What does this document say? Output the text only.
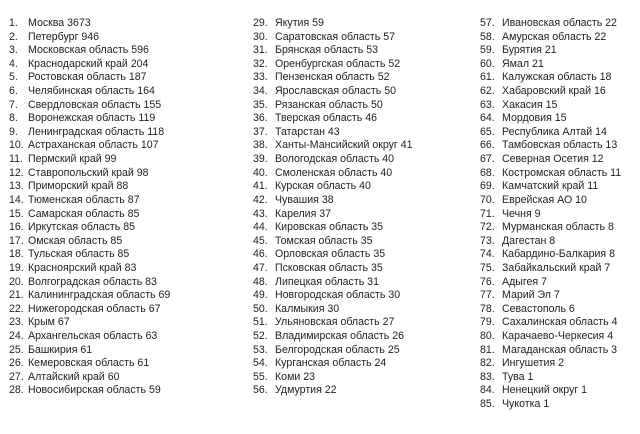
1. Москва 3673
2. Петербург 946
3. Московская область 596
4. Краснодарский край 204
5. Ростовская область 187
6. Челябинская область 164
7. Свердловская область 155
8. Воронежская область 119
9. Ленинградская область 118
10. Астраханская область 107
11. Пермский край 99
12. Ставропольский край 98
13. Приморский край 88
14. Тюменская область 87
15. Самарская область 85
16. Иркутская область 85
17. Омская область 85
18. Тульская область 85
19. Красноярский край 83
20. Волгоградская область 83
21. Калининградская область 69
22. Нижегородская область 67
23. Крым 67
24. Архангельская область 63
25. Башкирия 61
26. Кемеровская область 61
27. Алтайский край 60
28. Новосибирская область 59
29. Якутия 59
30. Саратовская область 57
31. Брянская область 53
32. Оренбургская область 52
33. Пензенская область 52
34. Ярославская область 50
35. Рязанская область 50
36. Тверская область 46
37. Татарстан 43
38. Ханты-Мансийский округ 41
39. Вологодская область 40
40. Смоленская область 40
41. Курская область 40
42. Чувашия 38
43. Карелия 37
44. Кировская область 35
45. Томская область 35
46. Орловская область 35
47. Псковская область 35
48. Липецкая область 31
49. Новгородская область 30
50. Калмыкия 30
51. Ульяновская область 27
52. Владимирская область 26
53. Белгородская область 25
54. Курганская область 24
55. Коми 23
56. Удмуртия 22
57. Ивановская область 22
58. Амурская область 22
59. Бурятия 21
60. Ямал 21
61. Калужская область 18
62. Хабаровский край 16
63. Хакасия 15
64. Мордовия 15
65. Республика Алтай 14
66. Тамбовская область 13
67. Северная Осетия 12
68. Костромская область 11
69. Камчатский край 11
70. Еврейская АО 10
71. Чечня 9
72. Мурманская область 8
73. Дагестан 8
74. Кабардино-Балкария 8
75. Забайкальский край 7
76. Адыгея 7
77. Марий Эл 7
78. Севастополь 6
79. Сахалинская область 4
80. Карачаево-Черкесия 4
81. Магаданская область 3
82. Ингушетия 2
83. Тува 1
84. Ненецкий округ 1
85. Чукотка 1
